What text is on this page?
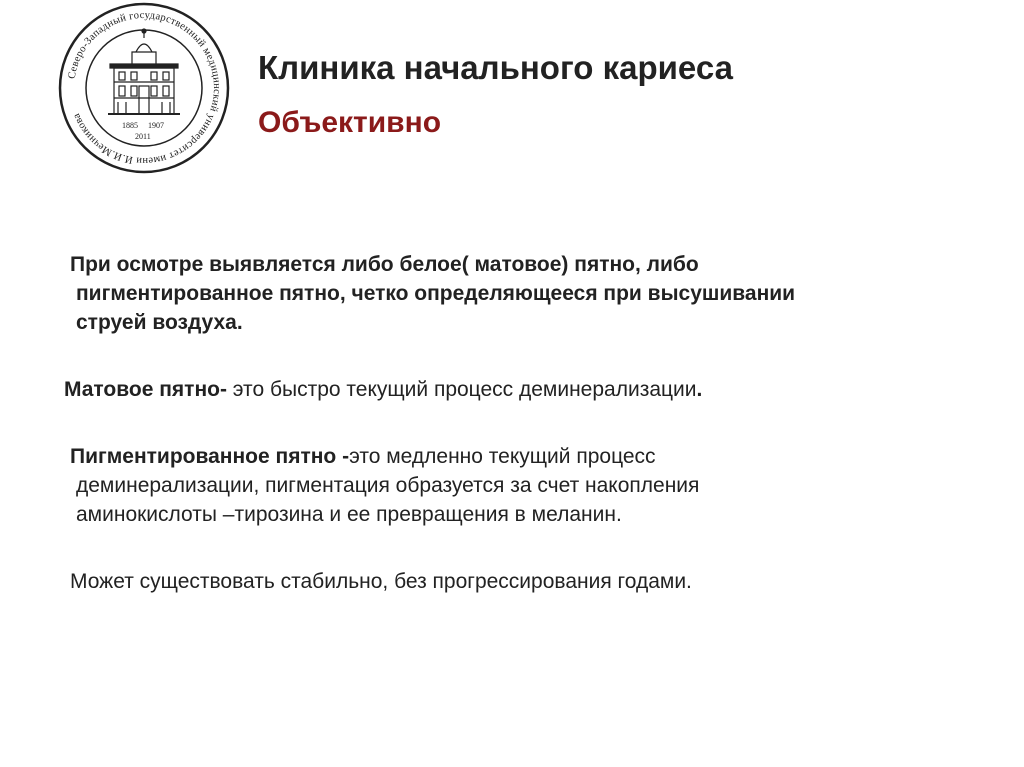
Северо-Западный государственный медицинский университет имени И.И.Мечникова
1885 1907
2011
Клиника начального кариеса
Объективно
При осмотре выявляется либо белое( матовое) пятно, либо
пигментированное пятно, четко определяющееся при высушивании
струей воздуха.
Матовое пятно- это быстро текущий процесс деминерализации.
Пигментированное пятно -это медленно текущий процесс
деминерализации, пигментация образуется за счет накопления
аминокислоты –тирозина и ее превращения в меланин.
Может существовать стабильно, без прогрессирования годами.
